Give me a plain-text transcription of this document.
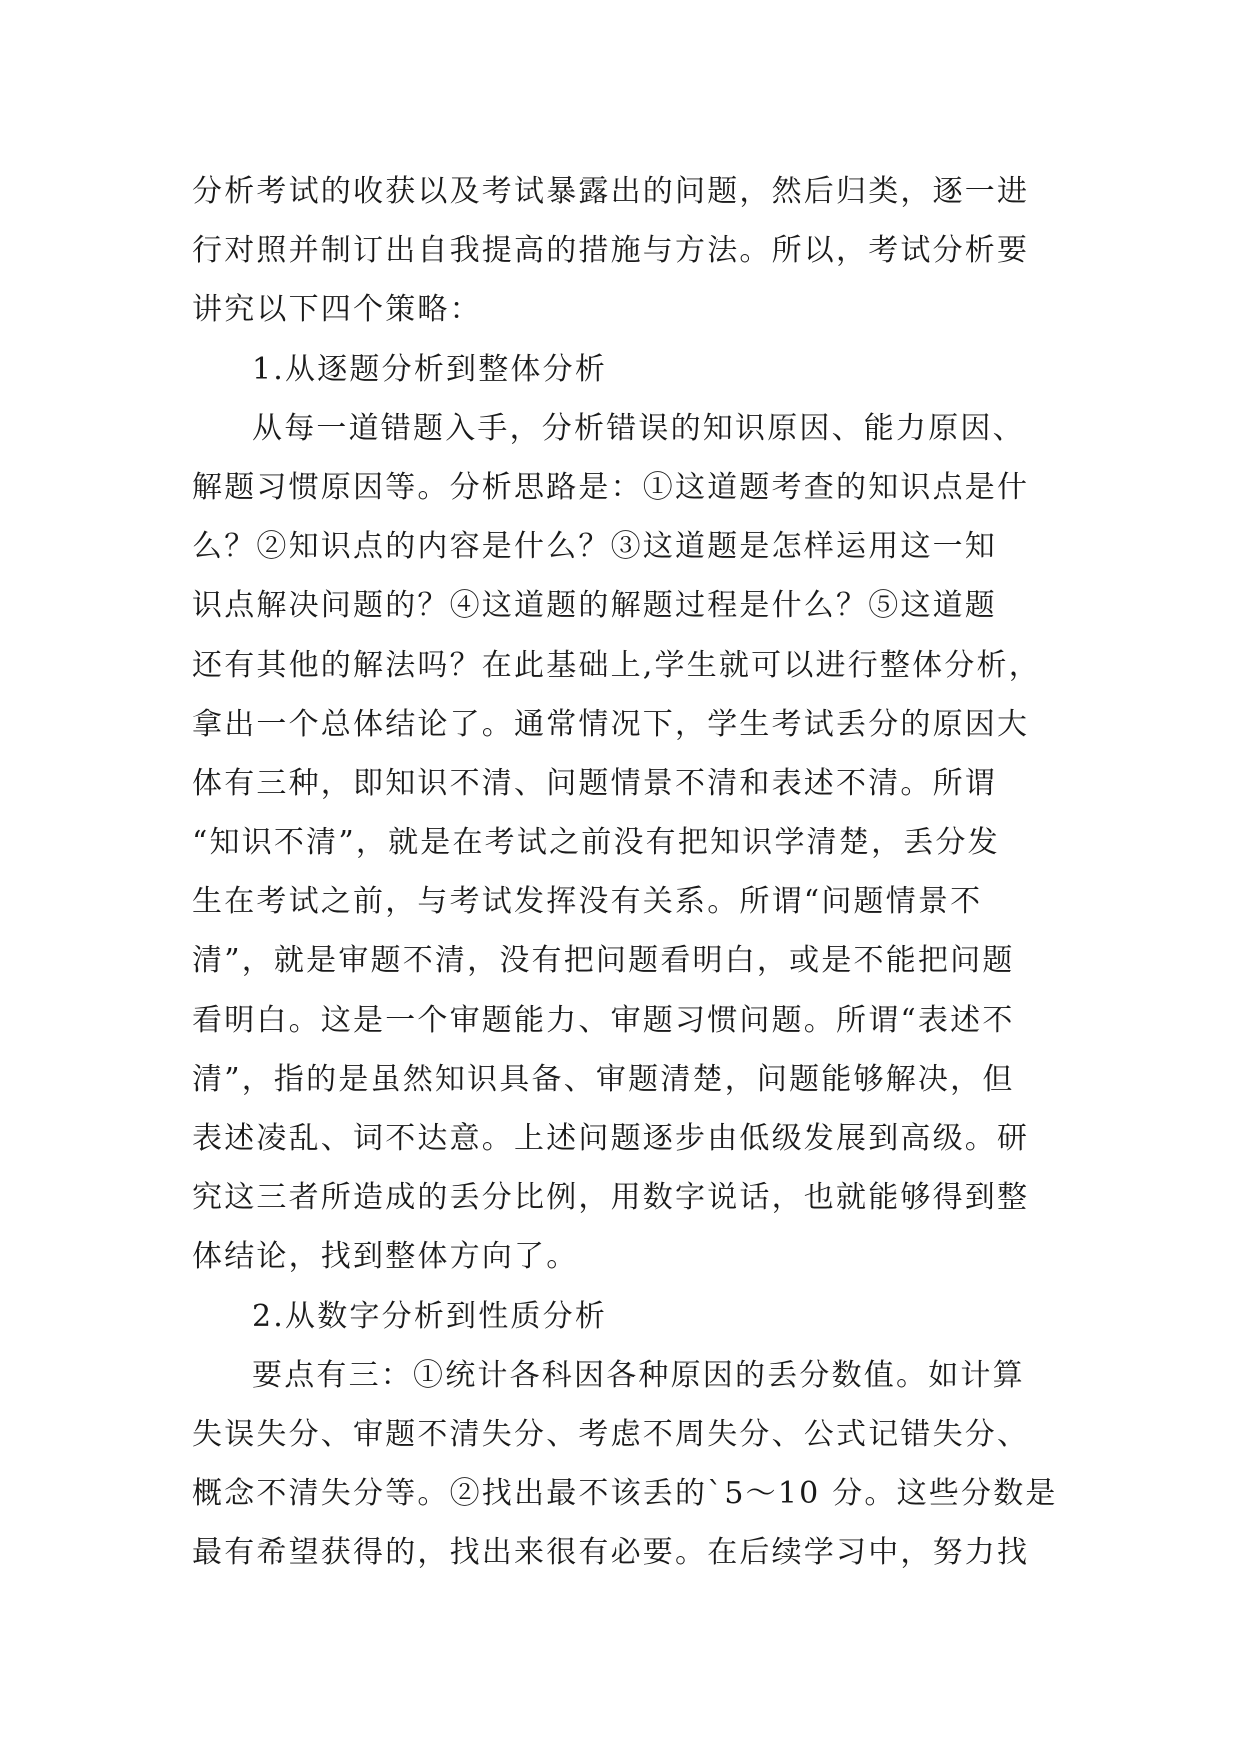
分析考试的收获以及考试暴露出的问题，然后归类，逐一进
行对照并制订出自我提高的措施与方法。所以，考试分析要
讲究以下四个策略：
1.从逐题分析到整体分析
从每一道错题入手，分析错误的知识原因、能力原因、
解题习惯原因等。分析思路是：①这道题考查的知识点是什
么？②知识点的内容是什么？③这道题是怎样运用这一知
识点解决问题的？④这道题的解题过程是什么？⑤这道题
还有其他的解法吗？在此基础上,学生就可以进行整体分析，
拿出一个总体结论了。通常情况下，学生考试丢分的原因大
体有三种，即知识不清、问题情景不清和表述不清。所谓
“知识不清”，就是在考试之前没有把知识学清楚，丢分发
生在考试之前，与考试发挥没有关系。所谓“问题情景不
清”，就是审题不清，没有把问题看明白，或是不能把问题
看明白。这是一个审题能力、审题习惯问题。所谓“表述不
清”，指的是虽然知识具备、审题清楚，问题能够解决，但
表述凌乱、词不达意。上述问题逐步由低级发展到高级。研
究这三者所造成的丢分比例，用数字说话，也就能够得到整
体结论，找到整体方向了。
2.从数字分析到性质分析
要点有三：①统计各科因各种原因的丢分数值。如计算
失误失分、审题不清失分、考虑不周失分、公式记错失分、
概念不清失分等。②找出最不该丢的`5～10 分。这些分数是
最有希望获得的，找出来很有必要。在后续学习中，努力找
